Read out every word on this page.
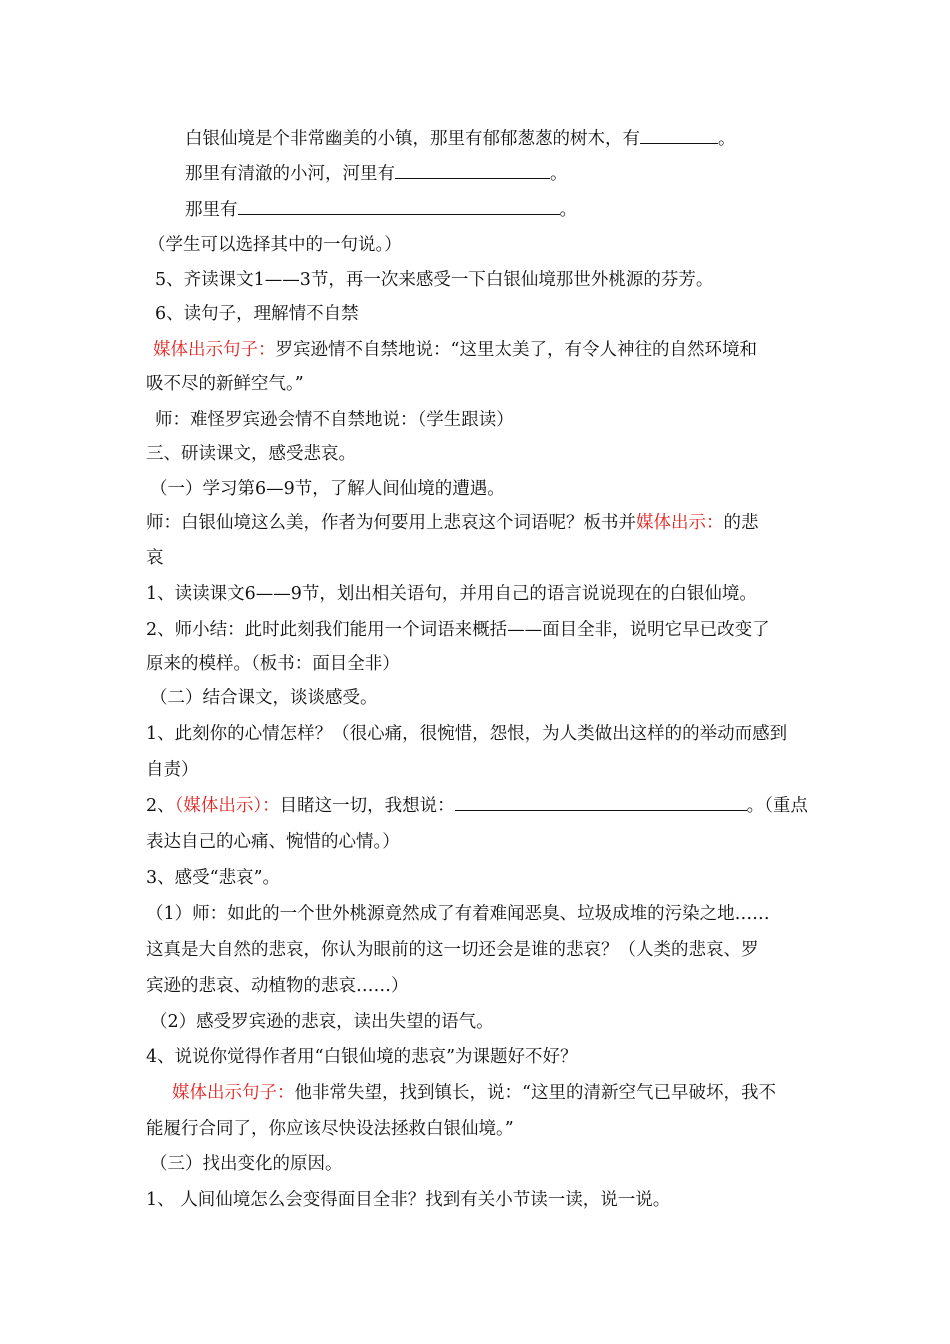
白银仙境是个非常幽美的小镇，那里有郁郁葱葱的树木，有	。
那里有清澈的小河，河里有	。
那里有	。
（学生可以选择其中的一句说。）
5、齐读课文1——3节，再一次来感受一下白银仙境那世外桃源的芬芳。
6、读句子，理解情不自禁
媒体出示句子：罗宾逊情不自禁地说：“这里太美了，有令人神往的自然环境和
吸不尽的新鲜空气。”
师：难怪罗宾逊会情不自禁地说：（学生跟读）
三、研读课文，感受悲哀。
（一）学习第6—9节，了解人间仙境的遭遇。
师：白银仙境这么美，作者为何要用上悲哀这个词语呢？板书并媒体出示：的悲
哀
1、读读课文6——9节，划出相关语句，并用自己的语言说说现在的白银仙境。
2、师小结：此时此刻我们能用一个词语来概括——面目全非，说明它早已改变了
原来的模样。（板书：面目全非）
（二）结合课文，谈谈感受。
1、此刻你的心情怎样？（很心痛，很惋惜，怨恨，为人类做出这样的的举动而感到
自责）
2、（媒体出示）：目睹这一切，我想说：	。（重点
表达自己的心痛、惋惜的心情。）
3、感受“悲哀”。
（1）师：如此的一个世外桃源竟然成了有着难闻恶臭、垃圾成堆的污染之地……
这真是大自然的悲哀，你认为眼前的这一切还会是谁的悲哀？（人类的悲哀、罗
宾逊的悲哀、动植物的悲哀……）
（2）感受罗宾逊的悲哀，读出失望的语气。
4、说说你觉得作者用“白银仙境的悲哀”为课题好不好？
媒体出示句子：他非常失望，找到镇长，说：“这里的清新空气已早破坏，我不
能履行合同了，你应该尽快设法拯救白银仙境。”
（三）找出变化的原因。
1、 人间仙境怎么会变得面目全非？找到有关小节读一读，说一说。
